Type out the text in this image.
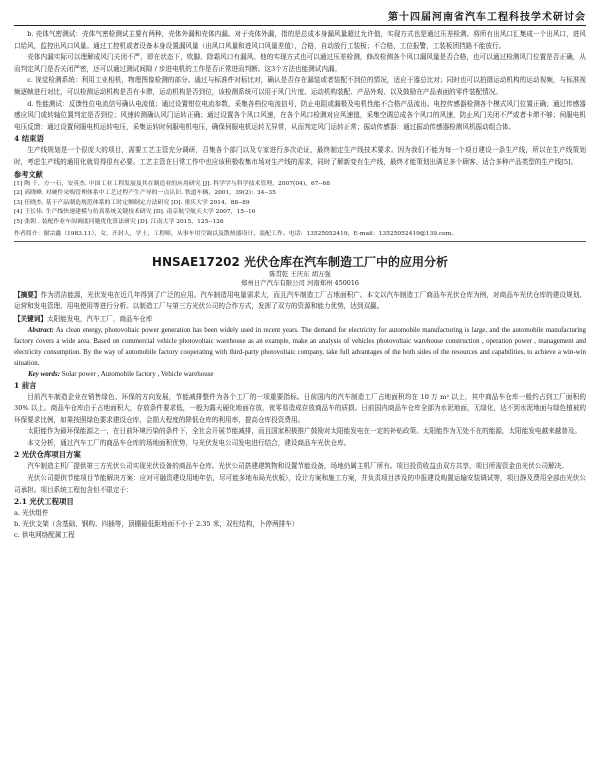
第十四届河南省汽车工程科技学术研讨会

b. 壳体气密测试：壳体气密检测试主要有两种，壳体外漏和壳体内漏。对于壳体外漏，指的是总成本身漏风量超过允许值，实现方式也是通过压差检测。将所有出风口汇集成一个出风口，进风口给风，监控出风口风量。通过工控机或者设备本身设置漏风量（出风口风量和进风口风量差值），合格，自动放行工装板；不合格，工位报警，工装板团挡路不能放行。

壳体内漏实际可以理解成风门关闭不严，即在状态下，吹脚、除霜风口有漏风。他的实现方式也可以通过压差检测，修改检测各个风口漏风量是否合格，也可以通过检测风门位置是否正确，从而判定风门是否关闭严密，还可以通过测试间隙 / 步进电机的工作是否正常进而判断。这3个方法也能测试内漏。

c. 视觉检测系统：利用工业相机，物理图像检测的部分。通过与标准件对标比对，确认是否存在漏装或者装配不到位的情况，适应于器总比对；同时也可以拍摄运动机构的运动视频，与标准视频逐帧进行对比，可以检测运动机构是否有卡滞，运动机构是否到位，该检测系统可以用于风门片度、运动机构装配、产品外观、以及鼓励在产品表面的零件装配情况。

d. 性能测试：反馈性位电流信号确认电流值；通过设置钳位电流参数，采集各档位电流信号，防止电阻或漏极及电机性能不合格产品流出。电控传感器检测各个模式风门位置正确；通过传感器感应风门或转轴位置判定是否到位；风速转测确认风门运转正确；通过设置各个风口风速，在各个风口检测对应风速值，采集空调总成各个风口的风速，防止风门关闭不严或者卡滞不够；伺服电机电压反馈：通过设置伺服电机运转电压，采集运转时伺服电机电压，确保伺服电机运转无异常，从而判定风门运转正常；振动传感器：通过振动传感器检测风机振动组合体。

4 结束语

生产线规划是一个很庞大的项目，需要工艺主管充分调研，召集各个部门以及专家进行多次论证，最终制定生产线技术要求。因为我们不能为每一个项目建设一条生产线，所以在生产线策划时，考虑生产线的通用化就显得很有必要。工艺主管在日常工作中也应该积极收集市场对生产线的需求，同时了解新变有生产线，最终才能策划出满足多个顾客、适合多种产品类型的生产线[5]。

参考文献

[1] 陶 干，方一石，安英杰. 中国工业工程发展及其在制造业的应用研究 [J]. 科学学与科学技术管理，2007(04)，67--68

[2] 高晓峰. 对硬件采购管理体系中工艺过程产生产导的一点认识. 铁道车辆，2001，39(2)：34--35

[3] 任晓杰. 基于产品制造规范体系的工时定额制定方法研究 [D]. 重庆大学 2014，88--89

[4] 王长伟. 生产线快速建模与仿真系统关键技术研究 [D]. 南京航空航天大学 2007，15--16

[5] 张朝 . 装配作业车间调度问题优化算法研究 [D]. 江南大学 2015，125--126

作者简介：谢宗鑫（1983.11），女，开封人，学士，工程师，从事车用空调以及散热器设计、装配工作。电话：13525052419，E-mail：13525052419@139.com。

HNSAE17202 光伏仓库在汽车制造工厂中的应用分析
陈贯乾 王庆东 胡万强
郑州日产汽车有限公司 河南郑州 450016

【摘要】作为清洁能源，光伏发电在近几年得到了广泛的应用。汽车制造用电量需求大，而且汽车制造工厂占地面积广。本文以汽车制造工厂商品车光伏仓库为例，对商品车光伏仓库的建设规划、运营和发电管理、用电使用等进行分析。以制造工厂与第三方光伏公司的合作方式，发挥了双方的资源和能力优势，达到双赢。

【关键词】太阳能发电，汽车工厂，商品车仓库

Abstract: As clean energy, photovoltaic power generation has been widely used in recent years. The demand for electricity for automobile manufacturing is large, and the automobile manufacturing factory covers a wide area. Based on commercial vehicle photovoltaic warehouse as an example, make an analysis of vehicles photovoltaic warehouse construction , operation power , management and electricity consumption. By the way of automobile factory cooperating with third-party photovoltaic company, take full advantages of the both sides of the resources and capabilities, to achieve a win-win situation.

Key words: Solar power , Automobile factory , Vehicle warehouse

1 前言

目前汽车制造企业在销售绿色、环保的方向发展，节能减排整件为各个工厂的一项重要指标。日前国内的汽车制造工厂占地面积均在 10 万 m² 以上，其中商品车仓库一般约占到工厂面积的 30% 以上。商品车仓库由于占地面积大，存放条件要求低，一般为露天硬化地面存放，夜零易造成存放商品车的质损。日前国内商品车仓库全部为水泥地面，无绿化，达不到水泥地面与绿色植被的环保要求比例，如果按照绿色要求建设仓库，会损大程度的降低仓库的利用率，提高仓库投资费用。

太阳能作为最环保能源之一，在日前环境污染的条件下，全社会开展节能减排，而且国家积极推广鼓励对太阳能发电在一定的补贴政策。太阳能作为无处不在的能源，太阳能发电越来越普及。

本文分析，通过汽车工厂的商品车仓库的场地面积优势，与光伏发电公司发电进行结合，建设商品车光伏仓库。

2 光伏仓库项目方案

汽车制造主机厂提供第三方光伏公司实现光伏设备的商品车仓库。光伏公司搭建建筑物和设置节能设备，场地仍属主机厂所有。项目投资收益由双方共享，项目所需资金由光伏公司解决。

光伏公司提供节能项目节能解决方案：应对可融资建设用地年估，尽可能多地布局光伏板），设计方案和施工方案，并负责项目涉及的申报建设购置运输安装调试等，项目静及费用全部由光伏公司承担。项目系统工程包含但不限定于：

2.1 光伏工程项目

a. 光伏组件

b. 光伏支架（含基础、钢构、四插等，顶棚最低距地面不小于 2.35 米，双柱结构，卜停两排车）

c. 供电网络配属工程
